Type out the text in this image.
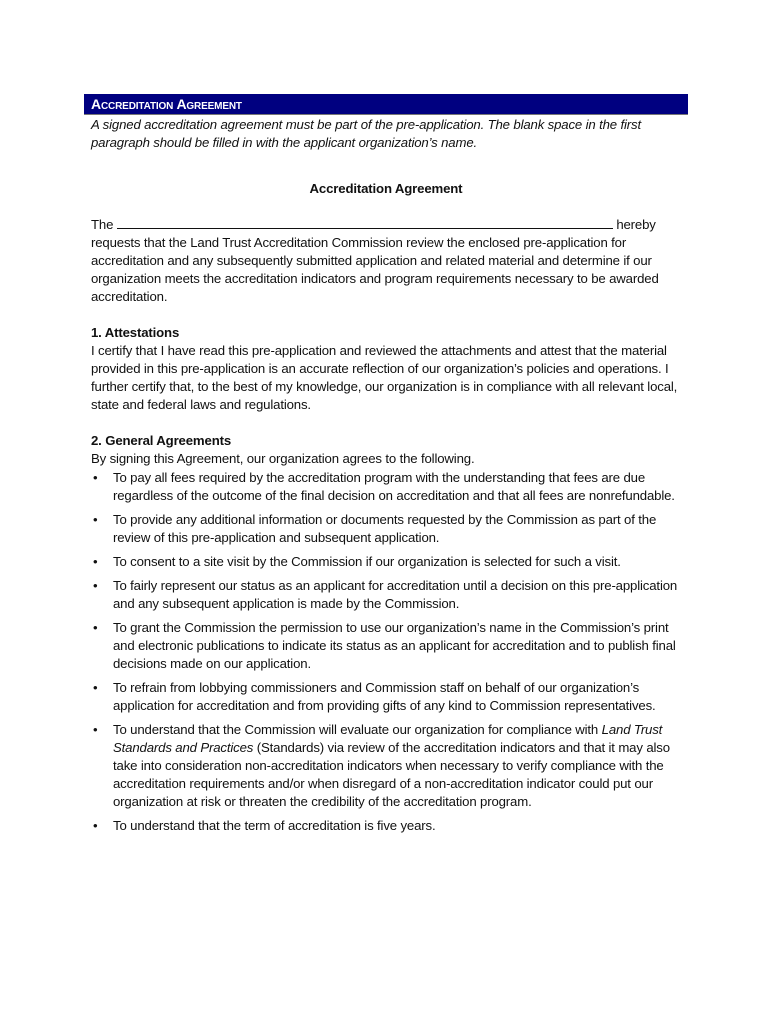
Accreditation Agreement

A signed accreditation agreement must be part of the pre-application. The blank space in the first paragraph should be filled in with the applicant organization’s name.

Accreditation Agreement

The	hereby requests that the Land Trust Accreditation Commission review the enclosed pre-application for accreditation and any subsequently submitted application and related material and determine if our organization meets the accreditation indicators and program requirements necessary to be awarded accreditation.

1. Attestations

I certify that I have read this pre-application and reviewed the attachments and attest that the material provided in this pre-application is an accurate reflection of our organization’s policies and operations. I further certify that, to the best of my knowledge, our organization is in compliance with all relevant local, state and federal laws and regulations.

2. General Agreements

By signing this Agreement, our organization agrees to the following.

• To pay all fees required by the accreditation program with the understanding that fees are due regardless of the outcome of the final decision on accreditation and that all fees are nonrefundable.
• To provide any additional information or documents requested by the Commission as part of the review of this pre-application and subsequent application.
• To consent to a site visit by the Commission if our organization is selected for such a visit.
• To fairly represent our status as an applicant for accreditation until a decision on this pre-application and any subsequent application is made by the Commission.
• To grant the Commission the permission to use our organization’s name in the Commission’s print and electronic publications to indicate its status as an applicant for accreditation and to publish final decisions made on our application.
• To refrain from lobbying commissioners and Commission staff on behalf of our organization’s application for accreditation and from providing gifts of any kind to Commission representatives.
• To understand that the Commission will evaluate our organization for compliance with Land Trust Standards and Practices (Standards) via review of the accreditation indicators and that it may also take into consideration non-accreditation indicators when necessary to verify compliance with the accreditation requirements and/or when disregard of a non-accreditation indicator could put our organization at risk or threaten the credibility of the accreditation program.
• To understand that the term of accreditation is five years.
